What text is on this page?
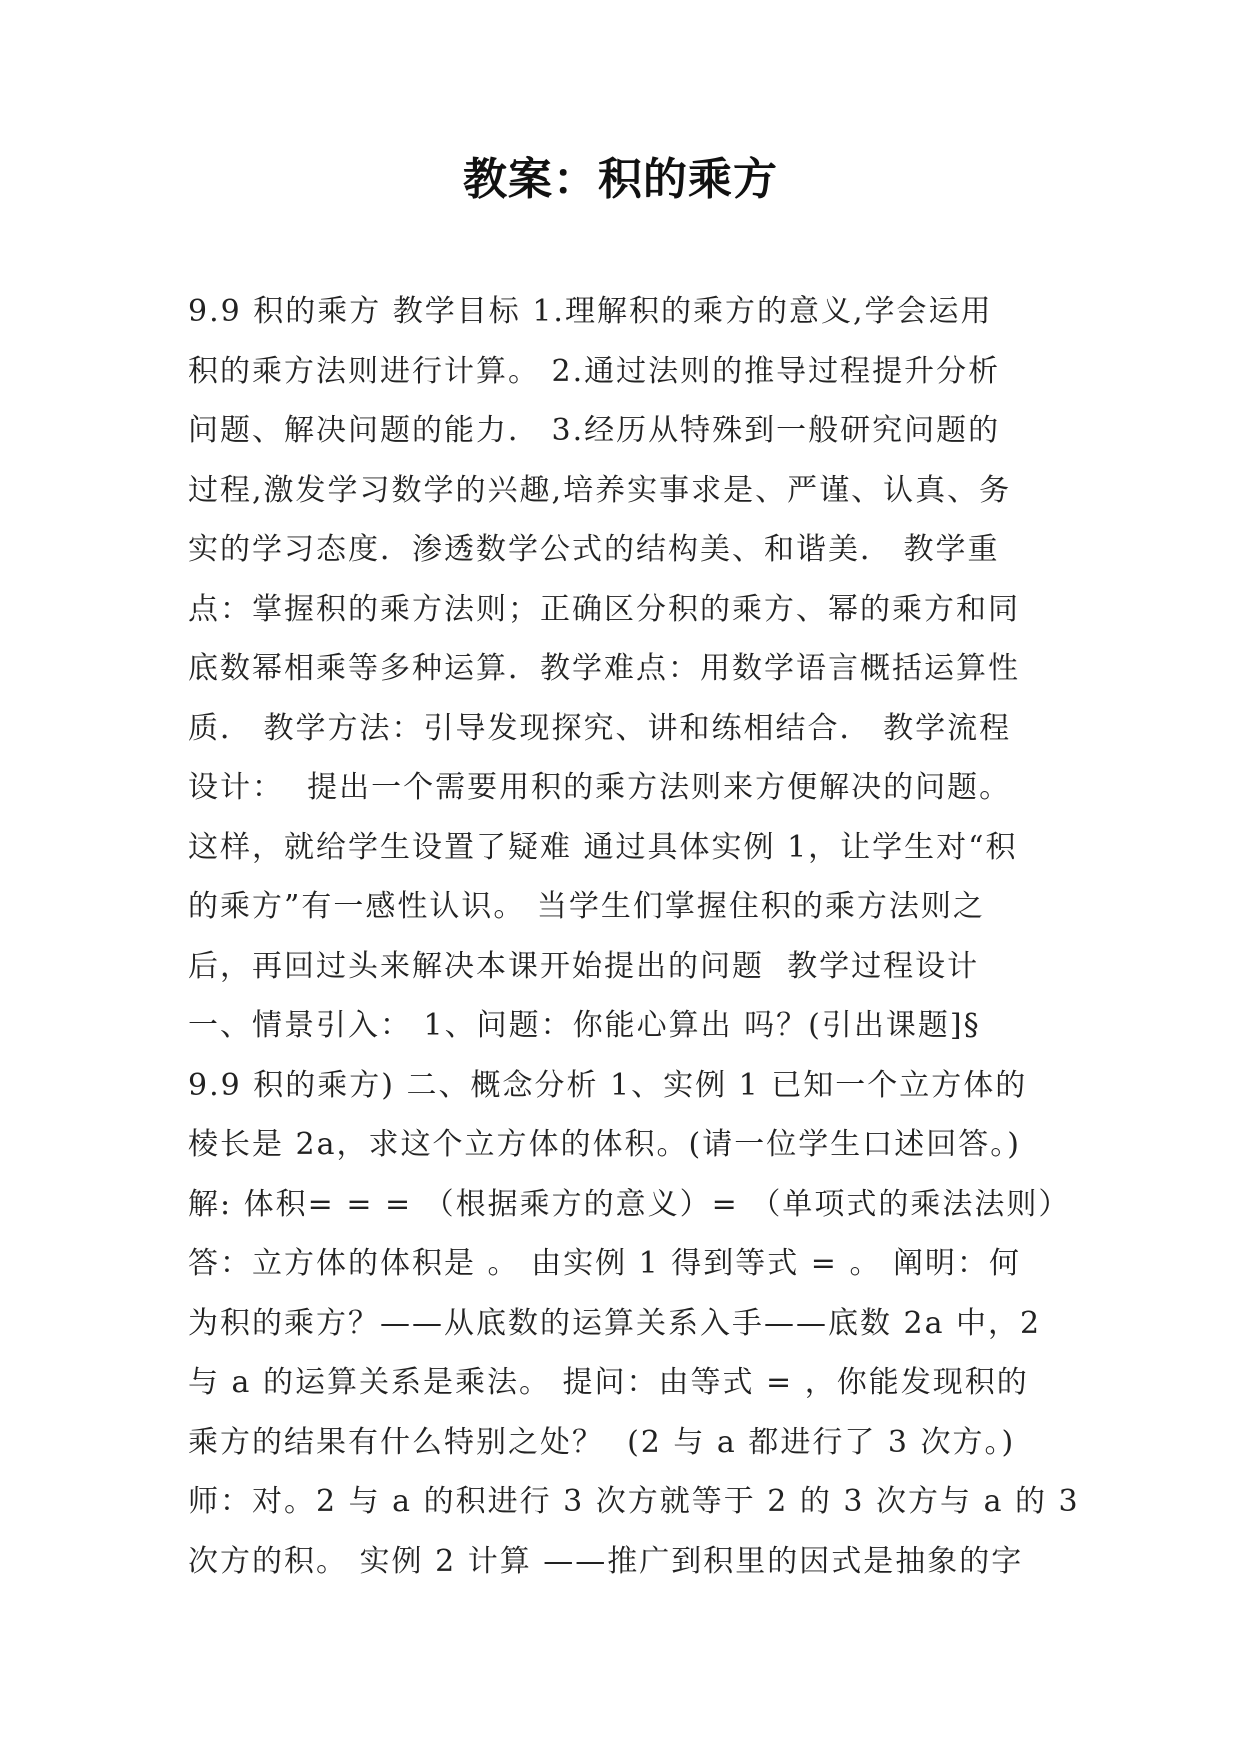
教案：积的乘方
9.9 积的乘方 教学目标 1.理解积的乘方的意义,学会运用
积的乘方法则进行计算。 2.通过法则的推导过程提升分析
问题、解决问题的能力． 3.经历从特殊到一般研究问题的
过程,激发学习数学的兴趣,培养实事求是、严谨、认真、务
实的学习态度．渗透数学公式的结构美、和谐美． 教学重
点：掌握积的乘方法则；正确区分积的乘方、幂的乘方和同
底数幂相乘等多种运算．教学难点：用数学语言概括运算性
质． 教学方法：引导发现探究、讲和练相结合． 教学流程
设计：  提出一个需要用积的乘方法则来方便解决的问题。
这样，就给学生设置了疑难 通过具体实例 1，让学生对“积
的乘方”有一感性认识。 当学生们掌握住积的乘方法则之
后，再回过头来解决本课开始提出的问题  教学过程设计
一、情景引入： 1、问题：你能心算出 吗？(引出课题]§
9.9 积的乘方) 二、概念分析 1、实例 1 已知一个立方体的
棱长是 2a，求这个立方体的体积。(请一位学生口述回答。)
解: 体积= = = （根据乘方的意义）= （单项式的乘法法则）
答：立方体的体积是 。 由实例 1 得到等式 = 。 阐明：何
为积的乘方？——从底数的运算关系入手——底数 2a 中，2
与 a 的运算关系是乘法。 提问：由等式 = ，你能发现积的
乘方的结果有什么特别之处？  (2 与 a 都进行了 3 次方。)
师：对。2 与 a 的积进行 3 次方就等于 2 的 3 次方与 a 的 3
次方的积。 实例 2 计算 ——推广到积里的因式是抽象的字
